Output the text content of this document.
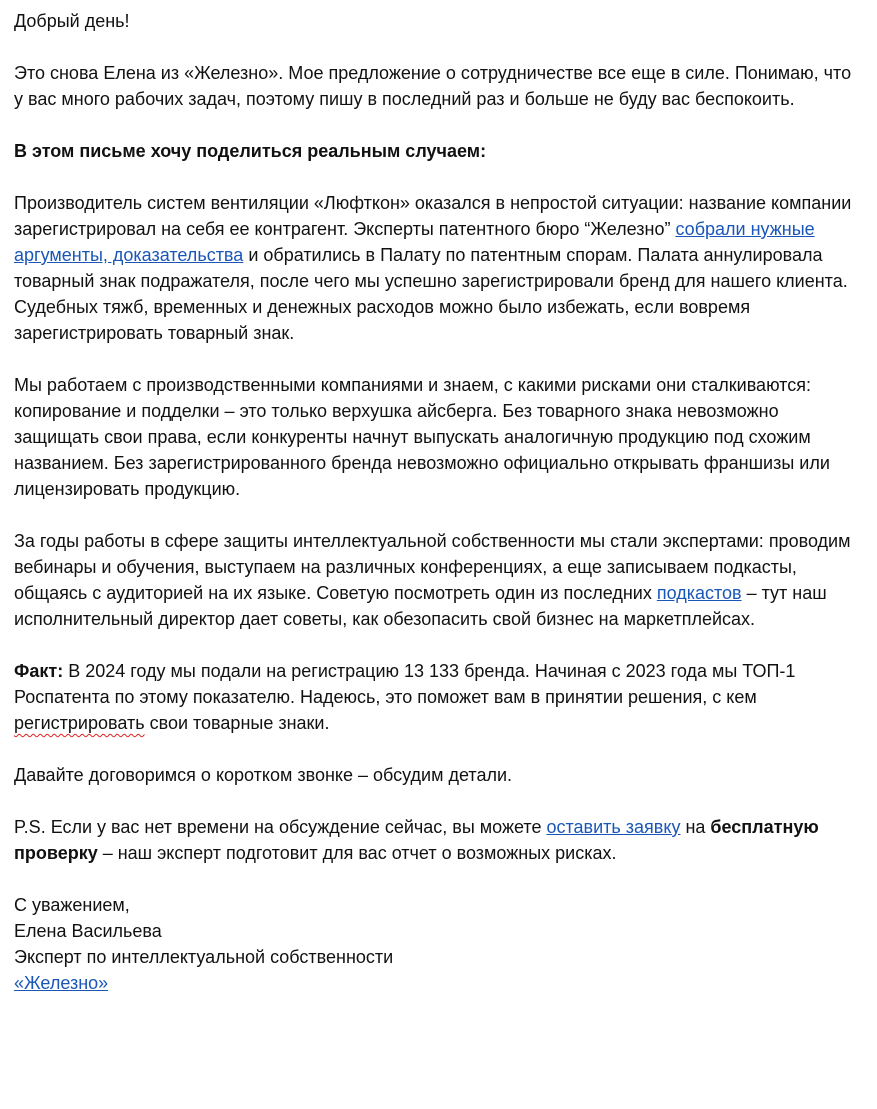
Добрый день!

Это снова Елена из «Железно». Мое предложение о сотрудничестве все еще в силе. Понимаю, что у вас много рабочих задач, поэтому пишу в последний раз и больше не буду вас беспокоить.

В этом письме хочу поделиться реальным случаем:

Производитель систем вентиляции «Люфткон» оказался в непростой ситуации: название компании зарегистрировал на себя ее контрагент. Эксперты патентного бюро “Железно” собрали нужные аргументы, доказательства и обратились в Палату по патентным спорам. Палата аннулировала товарный знак подражателя, после чего мы успешно зарегистрировали бренд для нашего клиента. Судебных тяжб, временных и денежных расходов можно было избежать, если вовремя зарегистрировать товарный знак.

Мы работаем с производственными компаниями и знаем, с какими рисками они сталкиваются: копирование и подделки – это только верхушка айсберга. Без товарного знака невозможно защищать свои права, если конкуренты начнут выпускать аналогичную продукцию под схожим названием. Без зарегистрированного бренда невозможно официально открывать франшизы или лицензировать продукцию.

За годы работы в сфере защиты интеллектуальной собственности мы стали экспертами: проводим вебинары и обучения, выступаем на различных конференциях, а еще записываем подкасты, общаясь с аудиторией на их языке. Советую посмотреть один из последних подкастов – тут наш исполнительный директор дает советы, как обезопасить свой бизнес на маркетплейсах.

Факт: В 2024 году мы подали на регистрацию 13 133 бренда. Начиная с 2023 года мы ТОП-1 Роспатента по этому показателю. Надеюсь, это поможет вам в принятии решения, с кем регистрировать свои товарные знаки.

Давайте договоримся о коротком звонке – обсудим детали.

P.S. Если у вас нет времени на обсуждение сейчас, вы можете оставить заявку на бесплатную проверку – наш эксперт подготовит для вас отчет о возможных рисках.

С уважением,
Елена Васильева
Эксперт по интеллектуальной собственности
«Железно»
